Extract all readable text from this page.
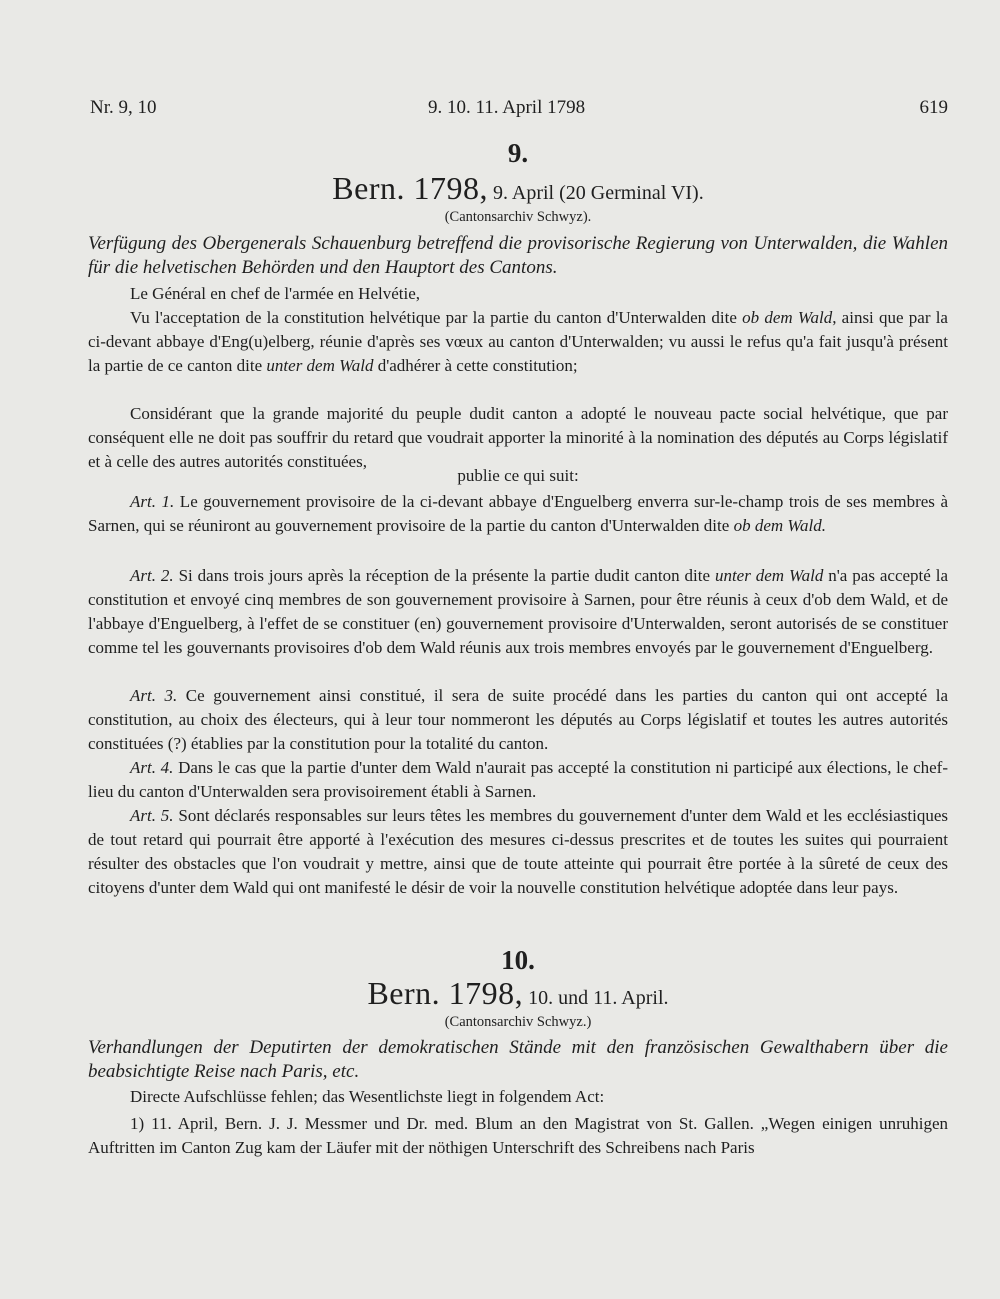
Nr. 9, 10	9. 10. 11. April 1798	619
9.
Bern. 1798, 9. April (20 Germinal VI).
(Cantonsarchiv Schwyz).
Verfügung des Obergenerals Schauenburg betreffend die provisorische Regierung von Unterwalden, die Wahlen für die helvetischen Behörden und den Hauptort des Cantons.
Le Général en chef de l'armée en Helvétie,
Vu l'acceptation de la constitution helvétique par la partie du canton d'Unterwalden dite ob dem Wald, ainsi que par la ci-devant abbaye d'Eng(u)elberg, réunie d'après ses vœux au canton d'Unterwalden; vu aussi le refus qu'a fait jusqu'à présent la partie de ce canton dite unter dem Wald d'adhérer à cette constitution;
Considérant que la grande majorité du peuple dudit canton a adopté le nouveau pacte social helvétique, que par conséquent elle ne doit pas souffrir du retard que voudrait apporter la minorité à la nomination des députés au Corps législatif et à celle des autres autorités constituées,
publie ce qui suit:
Art. 1. Le gouvernement provisoire de la ci-devant abbaye d'Enguelberg enverra sur-le-champ trois de ses membres à Sarnen, qui se réuniront au gouvernement provisoire de la partie du canton d'Unterwalden dite ob dem Wald.
Art. 2. Si dans trois jours après la réception de la présente la partie dudit canton dite unter dem Wald n'a pas accepté la constitution et envoyé cinq membres de son gouvernement provisoire à Sarnen, pour être réunis à ceux d'ob dem Wald, et de l'abbaye d'Enguelberg, à l'effet de se constituer (en) gouvernement provisoire d'Unterwalden, seront autorisés de se constituer comme tel les gouvernants provisoires d'ob dem Wald réunis aux trois membres envoyés par le gouvernement d'Enguelberg.
Art. 3. Ce gouvernement ainsi constitué, il sera de suite procédé dans les parties du canton qui ont accepté la constitution, au choix des électeurs, qui à leur tour nommeront les députés au Corps législatif et toutes les autres autorités constituées (?) établies par la constitution pour la totalité du canton.
Art. 4. Dans le cas que la partie d'unter dem Wald n'aurait pas accepté la constitution ni participé aux élections, le chef-lieu du canton d'Unterwalden sera provisoirement établi à Sarnen.
Art. 5. Sont déclarés responsables sur leurs têtes les membres du gouvernement d'unter dem Wald et les ecclésiastiques de tout retard qui pourrait être apporté à l'exécution des mesures ci-dessus prescrites et de toutes les suites qui pourraient résulter des obstacles que l'on voudrait y mettre, ainsi que de toute atteinte qui pourrait être portée à la sûreté de ceux des citoyens d'unter dem Wald qui ont manifesté le désir de voir la nouvelle constitution helvétique adoptée dans leur pays.
10.
Bern. 1798, 10. und 11. April.
(Cantonsarchiv Schwyz.)
Verhandlungen der Deputirten der demokratischen Stände mit den französischen Gewalthabern über die beabsichtigte Reise nach Paris, etc.
Directe Aufschlüsse fehlen; das Wesentlichste liegt in folgendem Act:
1) 11. April, Bern. J. J. Messmer und Dr. med. Blum an den Magistrat von St. Gallen. „Wegen einigen unruhigen Auftritten im Canton Zug kam der Läufer mit der nöthigen Unterschrift des Schreibens nach Paris
